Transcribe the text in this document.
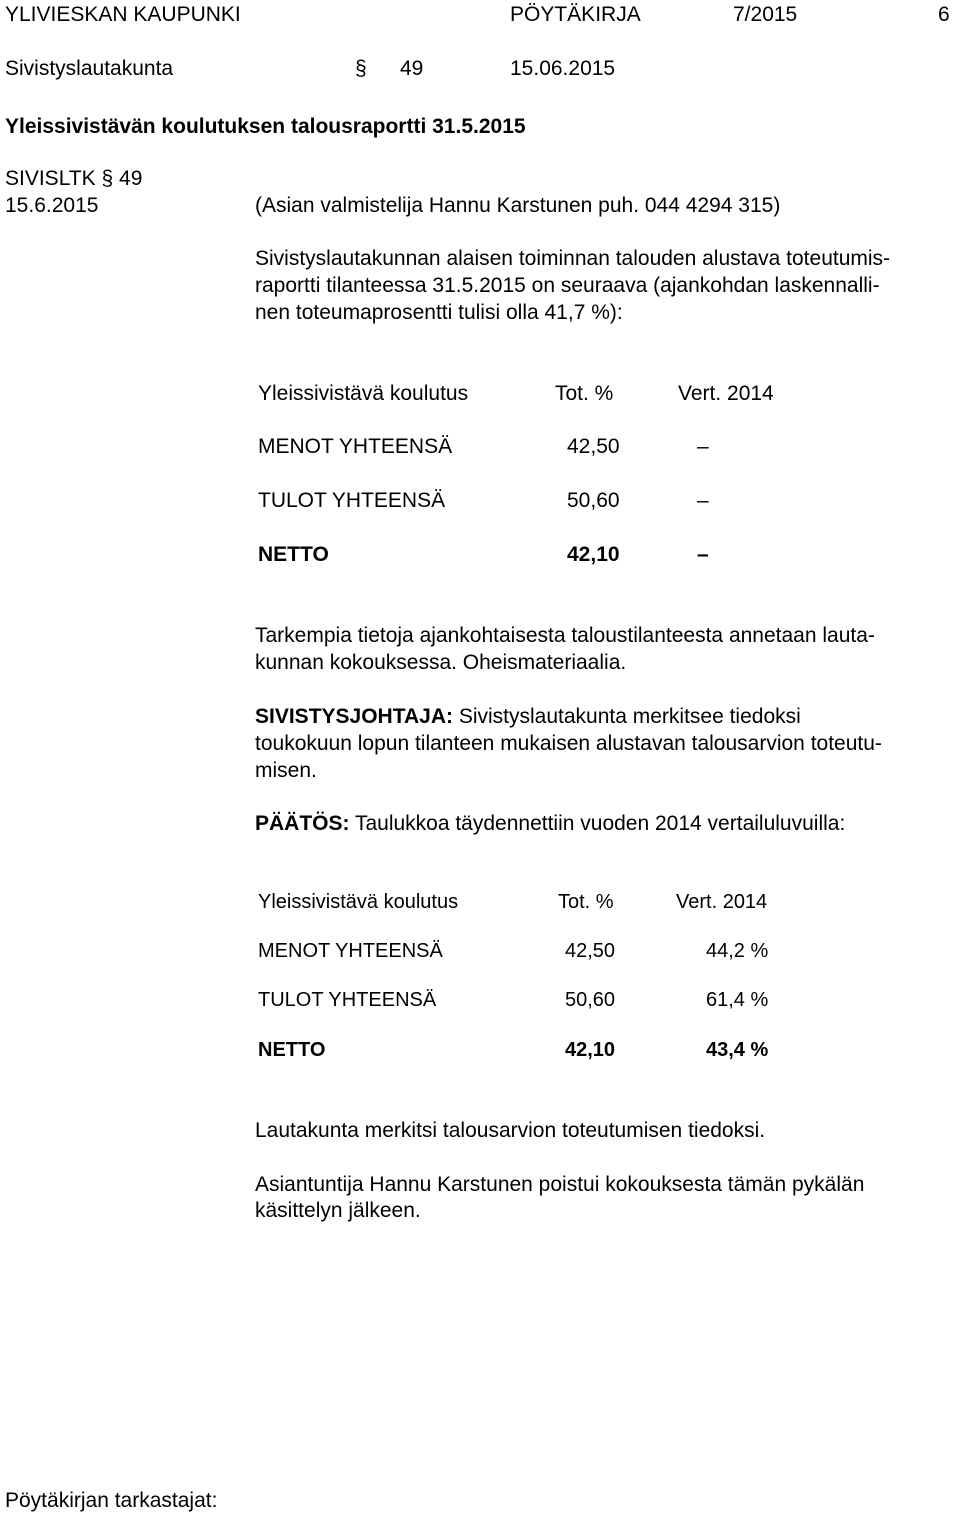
YLIVIESKAN KAUPUNKI	PÖYTÄKIRJA	7/2015	6
Sivistyslautakunta	§ 49	15.06.2015
Yleissivistävän koulutuksen talousraportti 31.5.2015
SIVISLTK § 49
15.6.2015	(Asian valmistelija Hannu Karstunen puh. 044 4294 315)
Sivistyslautakunnan alaisen toiminnan talouden alustava toteutumis-
raportti tilanteessa 31.5.2015 on seuraava (ajankohdan laskennalli-
nen toteumaprosentti tulisi olla 41,7 %):
Yleissivistävä koulutus	Tot. %	Vert. 2014
MENOT YHTEENSÄ	42,50	–
TULOT YHTEENSÄ	50,60	–
NETTO	42,10	–
Tarkempia tietoja ajankohtaisesta taloustilanteesta annetaan lauta-
kunnan kokouksessa. Oheismateriaalia.
SIVISTYSJOHTAJA: Sivistyslautakunta merkitsee tiedoksi
toukokuun lopun tilanteen mukaisen alustavan talousarvion toteutu-
misen.
PÄÄTÖS: Taulukkoa täydennettiin vuoden 2014 vertailuluvuilla:
Yleissivistävä koulutus	Tot. %	Vert. 2014
MENOT YHTEENSÄ	42,50	44,2 %
TULOT YHTEENSÄ	50,60	61,4 %
NETTO	42,10	43,4 %
Lautakunta merkitsi talousarvion toteutumisen tiedoksi.
Asiantuntija Hannu Karstunen poistui kokouksesta tämän pykälän
käsittelyn jälkeen.
Pöytäkirjan tarkastajat:
